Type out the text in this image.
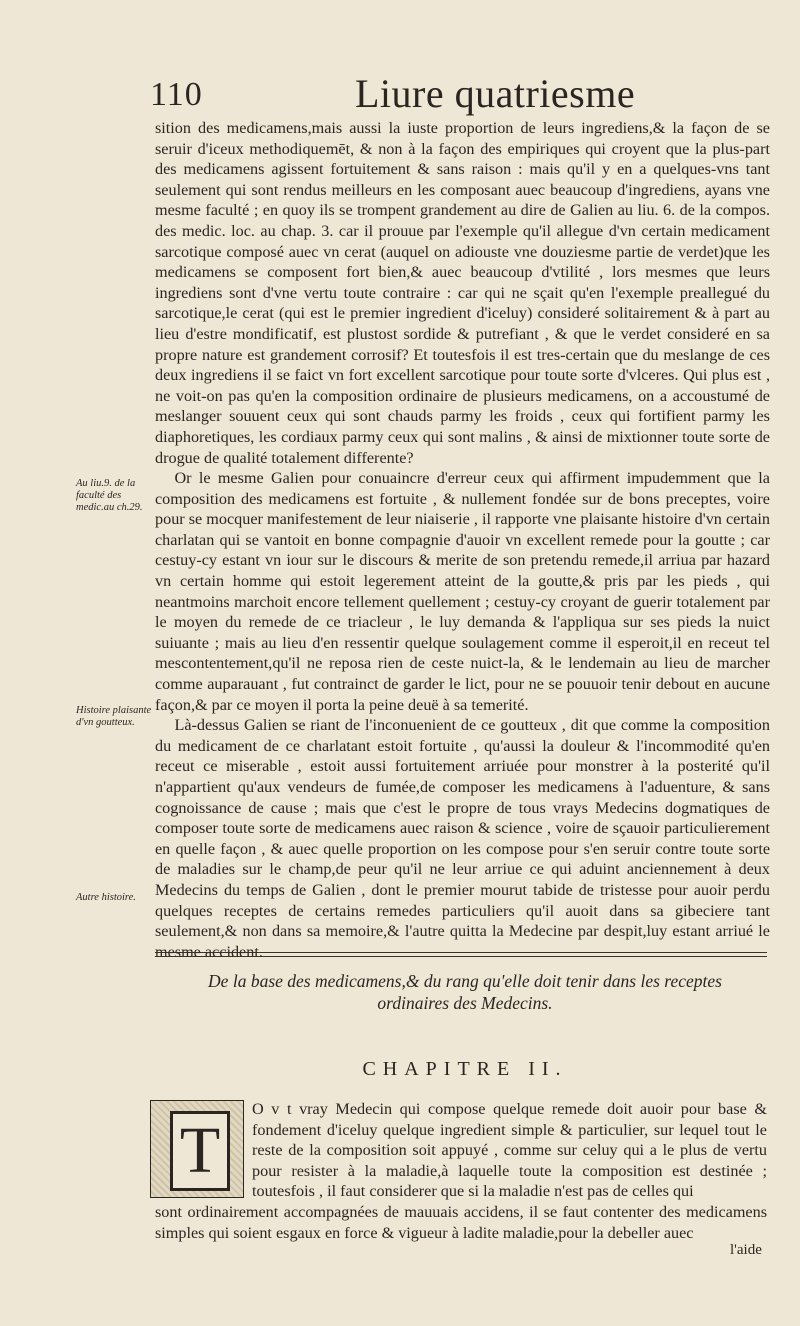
110	Liure quatriesme

sition des medicamens,mais aussi la iuste proportion de leurs ingrediens,& la façon de se seruir d'iceux methodiquemēt, & non à la façon des empiriques qui croyent que la plus-part des medicamens agissent fortuitement & sans raison : mais qu'il y en a quelques-vns tant seulement qui sont rendus meilleurs en les composant auec beaucoup d'ingrediens, ayans vne mesme faculté ; en quoy ils se trompent grandement au dire de Galien au liu. 6. de la compos. des medic. loc. au chap. 3. car il prouue par l'exemple qu'il allegue d'vn certain medicament sarcotique composé auec vn cerat (auquel on adiouste vne douziesme partie de verdet)que les medicamens se composent fort bien,& auec beaucoup d'vtilité , lors mesmes que leurs ingrediens sont d'vne vertu toute contraire : car qui ne sçait qu'en l'exemple preallegué du sarcotique,le cerat (qui est le premier ingredient d'iceluy) consideré solitairement & à part au lieu d'estre mondificatif, est plustost sordide & putrefiant , & que le verdet consideré en sa propre nature est grandement corrosif? Et toutesfois il est tres-certain que du meslange de ces deux ingrediens il se faict vn fort excellent sarcotique pour toute sorte d'vlceres. Qui plus est , ne voit-on pas qu'en la composition ordinaire de plusieurs medicamens, on a accoustumé de meslanger souuent ceux qui sont chauds parmy les froids , ceux qui fortifient parmy les diaphoretiques, les cordiaux parmy ceux qui sont malins , & ainsi de mixtionner toute sorte de drogue de qualité totalement differente?

Or le mesme Galien pour conuaincre d'erreur ceux qui affirment impudemment que la composition des medicamens est fortuite , & nullement fondée sur de bons preceptes, voire pour se mocquer manifestement de leur niaiserie , il rapporte vne plaisante histoire d'vn certain charlatan qui se vantoit en bonne compagnie d'auoir vn excellent remede pour la goutte ; car cestuy-cy estant vn iour sur le discours & merite de son pretendu remede,il arriua par hazard vn certain homme qui estoit legerement atteint de la goutte,& pris par les pieds , qui neantmoins marchoit encore tellement quellement ; cestuy-cy croyant de guerir totalement par le moyen du remede de ce triacleur , le luy demanda & l'appliqua sur ses pieds la nuict suiuante ; mais au lieu d'en ressentir quelque soulagement comme il esperoit,il en receut tel mescontentement,qu'il ne reposa rien de ceste nuict-la, & le lendemain au lieu de marcher comme auparauant , fut contrainct de garder le lict, pour ne se pouuoir tenir debout en aucune façon,& par ce moyen il porta la peine deuë à sa temerité.

Là-dessus Galien se riant de l'inconuenient de ce goutteux , dit que comme la composition du medicament de ce charlatant estoit fortuite , qu'aussi la douleur & l'incommodité qu'en receut ce miserable , estoit aussi fortuitement arriuée pour monstrer à la posterité qu'il n'appartient qu'aux vendeurs de fumée,de composer les medicamens à l'aduenture, & sans cognoissance de cause ; mais que c'est le propre de tous vrays Medecins dogmatiques de composer toute sorte de medicamens auec raison & science , voire de sçauoir particulierement en quelle façon , & auec quelle proportion on les compose pour s'en seruir contre toute sorte de maladies sur le champ,de peur qu'il ne leur arriue ce qui aduint anciennement à deux Medecins du temps de Galien , dont le premier mourut tabide de tristesse pour auoir perdu quelques receptes de certains remedes particuliers qu'il auoit dans sa gibeciere tant seulement,& non dans sa memoire,& l'autre quitta la Medecine par despit,luy estant arriué le mesme accident.

Au liu.9. de la faculté des medic.au ch.29.
Histoire plaisante d'vn goutteux.
Autre histoire.
De la base des medicamens,& du rang qu'elle doit tenir dans les receptes ordinaires des Medecins.
CHAPITRE II.
T

O v t vray Medecin qui compose quelque remede doit auoir pour base & fondement d'iceluy quelque ingredient simple & particulier, sur lequel tout le reste de la composition soit appuyé , comme sur celuy qui a le plus de vertu pour resister à la maladie,à laquelle toute la composition est destinée ; toutesfois , il faut considerer que si la maladie n'est pas de celles qui

sont ordinairement accompagnées de mauuais accidens, il se faut contenter des medicamens simples qui soient esgaux en force & vigueur à ladite maladie,pour la debeller auec

l'aide
